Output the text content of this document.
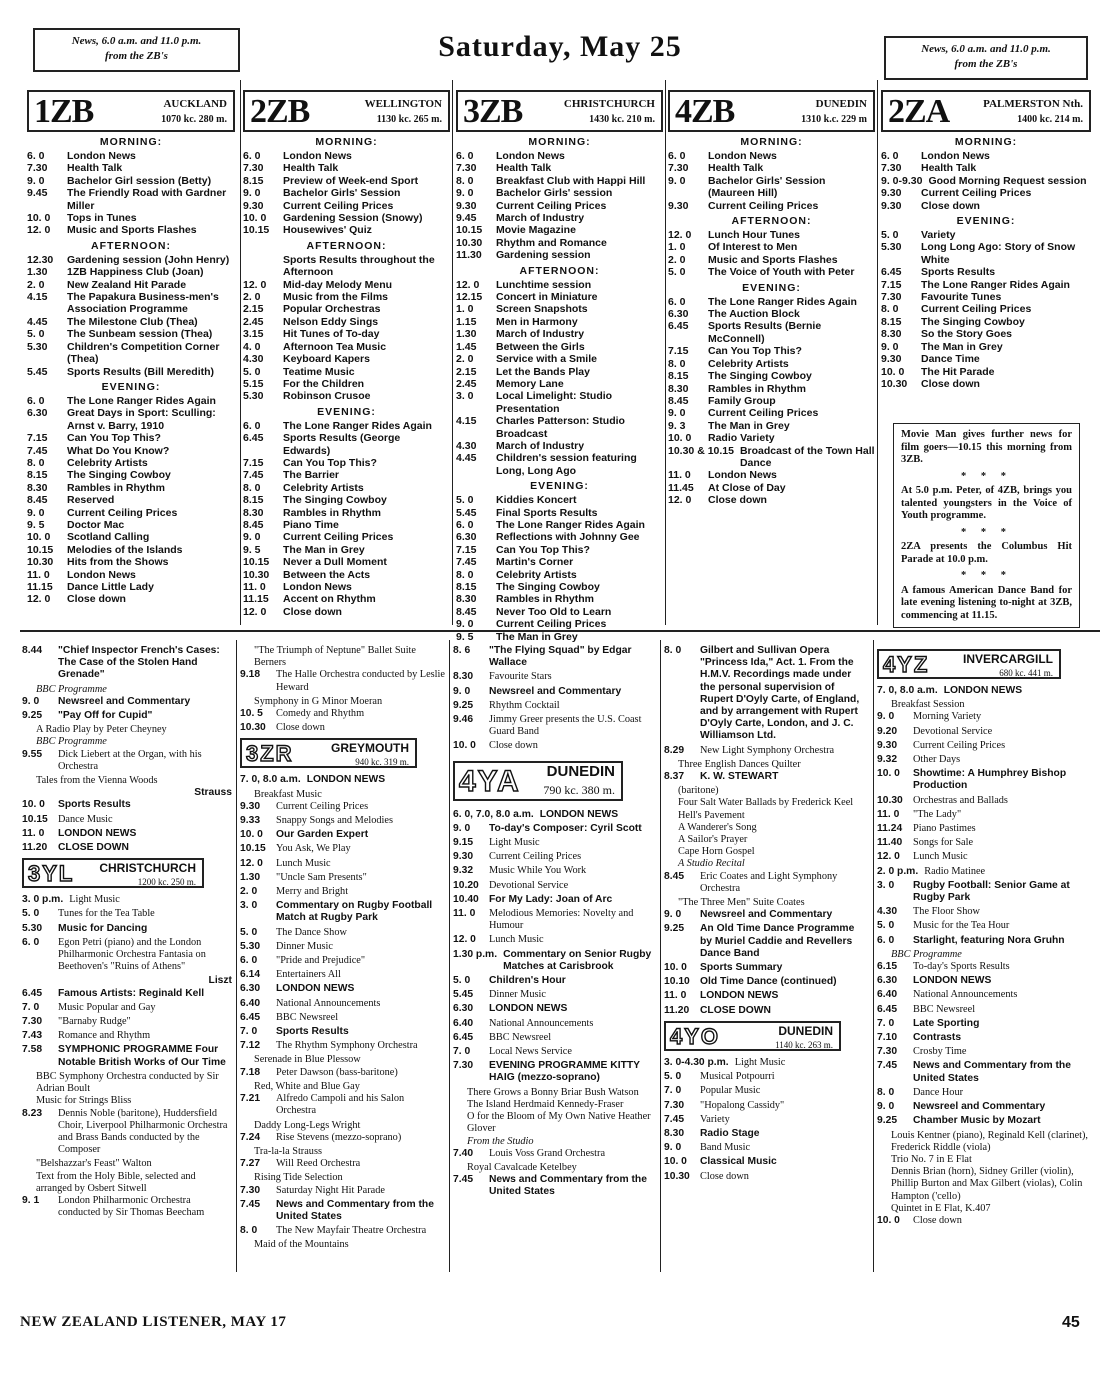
News, 6.0 a.m. and 11.0 p.m.
from the ZB's	Saturday, May 25	News, 6.0 a.m. and 11.0 p.m.
from the ZB's
1ZB	AUCKLAND
1070 kc. 280 m.
MORNING:
6. 0	London News
7.30	Health Talk
9. 0	Bachelor Girl session (Betty)
9.45	The Friendly Road with Gardner Miller
10. 0	Tops in Tunes
12. 0	Music and Sports Flashes
AFTERNOON:
12.30	Gardening session (John Henry)
1.30	1ZB Happiness Club (Joan)
2. 0	New Zealand Hit Parade
4.15	The Papakura Business-men's Association Programme
4.45	The Milestone Club (Thea)
5. 0	The Sunbeam session (Thea)
5.30	Children's Competition Corner (Thea)
5.45	Sports Results (Bill Meredith)
EVENING:
6. 0	The Lone Ranger Rides Again
6.30	Great Days in Sport: Sculling: Arnst v. Barry, 1910
7.15	Can You Top This?
7.45	What Do You Know?
8. 0	Celebrity Artists
8.15	The Singing Cowboy
8.30	Rambles in Rhythm
8.45	Reserved
9. 0	Current Ceiling Prices
9. 5	Doctor Mac
10. 0	Scotland Calling
10.15	Melodies of the Islands
10.30	Hits from the Shows
11. 0	London News
11.15	Dance Little Lady
12. 0	Close down
2ZB	WELLINGTON
1130 kc. 265 m.
MORNING:
6. 0	London News
7.30	Health Talk
8.15	Preview of Week-end Sport
9. 0	Bachelor Girls' Session
9.30	Current Ceiling Prices
10. 0	Gardening Session (Snowy)
10.15	Housewives' Quiz
AFTERNOON:
Sports Results throughout the Afternoon
12. 0	Mid-day Melody Menu
2. 0	Music from the Films
2.15	Popular Orchestras
2.45	Nelson Eddy Sings
3.15	Hit Tunes of To-day
4. 0	Afternoon Tea Music
4.30	Keyboard Kapers
5. 0	Teatime Music
5.15	For the Children
5.30	Robinson Crusoe
EVENING:
6. 0	The Lone Ranger Rides Again
6.45	Sports Results (George Edwards)
7.15	Can You Top This?
7.45	The Barrier
8. 0	Celebrity Artists
8.15	The Singing Cowboy
8.30	Rambles in Rhythm
8.45	Piano Time
9. 0	Current Ceiling Prices
9. 5	The Man in Grey
10.15	Never a Dull Moment
10.30	Between the Acts
11. 0	London News
11.15	Accent on Rhythm
12. 0	Close down
3ZB	CHRISTCHURCH
1430 kc. 210 m.
MORNING:
6. 0	London News
7.30	Health Talk
8. 0	Breakfast Club with Happi Hill
9. 0	Bachelor Girls' session
9.30	Current Ceiling Prices
9.45	March of Industry
10.15	Movie Magazine
10.30	Rhythm and Romance
11.30	Gardening session
AFTERNOON:
12. 0	Lunchtime session
12.15	Concert in Miniature
1. 0	Screen Snapshots
1.15	Men in Harmony
1.30	March of Industry
1.45	Between the Girls
2. 0	Service with a Smile
2.15	Let the Bands Play
2.45	Memory Lane
3. 0	Local Limelight: Studio Presentation
4.15	Charles Patterson: Studio Broadcast
4.30	March of Industry
4.45	Children's session featuring Long, Long Ago
EVENING:
5. 0	Kiddies Koncert
5.45	Final Sports Results
6. 0	The Lone Ranger Rides Again
6.30	Reflections with Johnny Gee
7.15	Can You Top This?
7.45	Martin's Corner
8. 0	Celebrity Artists
8.15	The Singing Cowboy
8.30	Rambles in Rhythm
8.45	Never Too Old to Learn
9. 0	Current Ceiling Prices
9. 5	The Man in Grey
4ZB	DUNEDIN
1310 k.c. 229 m
MORNING:
6. 0	London News
7.30	Health Talk
9. 0	Bachelor Girls' Session (Maureen Hill)
9.30	Current Ceiling Prices
AFTERNOON:
12. 0	Lunch Hour Tunes
1. 0	Of Interest to Men
2. 0	Music and Sports Flashes
5. 0	The Voice of Youth with Peter
EVENING:
6. 0	The Lone Ranger Rides Again
6.30	The Auction Block
6.45	Sports Results (Bernie McConnell)
7.15	Can You Top This?
8. 0	Celebrity Artists
8.15	The Singing Cowboy
8.30	Rambles in Rhythm
8.45	Family Group
9. 0	Current Ceiling Prices
9. 3	The Man in Grey
10. 0	Radio Variety
10.30 & 10.15 Broadcast of the Town Hall Dance
11. 0	London News
11.45	At Close of Day
12. 0	Close down
2ZA	PALMERSTON Nth.
1400 kc. 214 m.
MORNING:
6. 0	London News
7.30	Health Talk
9. 0-9.30 Good Morning Request session
9.30	Current Ceiling Prices
9.30	Close down
EVENING:
5. 0	Variety
5.30	Long Long Ago: Story of Snow White
6.45	Sports Results
7.15	The Lone Ranger Rides Again
7.30	Favourite Tunes
8. 0	Current Ceiling Prices
8.15	The Singing Cowboy
8.30	So the Story Goes
9. 0	The Man in Grey
9.30	Dance Time
10. 0	The Hit Parade
10.30	Close down

Movie Man gives further news for film goers—10.15 this morning from 3ZB.

* * *

At 5.0 p.m. Peter, of 4ZB, brings you talented youngsters in the Voice of Youth programme.

* * *

2ZA presents the Columbus Hit Parade at 10.0 p.m.

* * *

A famous American Dance Band for late evening listening to-night at 3ZB, commencing at 11.15.

8.44	"Chief Inspector French's Cases: The Case of the Stolen Hand Grenade"
BBC Programme
9. 0	Newsreel and Commentary
9.25	"Pay Off for Cupid"
A Radio Play by Peter Cheyney
BBC Programme
9.55	Dick Liebert at the Organ, with his Orchestra
Tales from the Vienna Woods
Strauss
10. 0	Sports Results
10.15 Dance Music
11. 0	LONDON NEWS
11.20	CLOSE DOWN
3YL CHRISTCHURCH
1200 kc. 250 m.
3. 0 p.m. Light Music
5. 0	Tunes for the Tea Table
5.30	Music for Dancing
6. 0	Egon Petri (piano) and the London Philharmonic Orchestra Fantasia on Beethoven's "Ruins of Athens"
Liszt
6.45	Famous Artists: Reginald Kell
7. 0	Music Popular and Gay
7.30	"Barnaby Rudge"
7.43	Romance and Rhythm
7.58	SYMPHONIC PROGRAMME Four Notable British Works of Our Time
BBC Symphony Orchestra conducted by Sir Adrian Boult
Music for Strings Bliss
8.23	Dennis Noble (baritone), Huddersfield Choir, Liverpool Philharmonic Orchestra and Brass Bands conducted by the Composer
"Belshazzar's Feast" Walton
Text from the Holy Bible, selected and arranged by Osbert Sitwell
9. 1	London Philharmonic Orchestra conducted by Sir Thomas Beecham
"The Triumph of Neptune" Ballet Suite Berners
9.18	The Halle Orchestra conducted by Leslie Heward
Symphony in G Minor Moeran
10. 5	Comedy and Rhythm
10.30 Close down
3ZR	GREYMOUTH
940 kc. 319 m.
7. 0, 8.0 a.m. LONDON NEWS
Breakfast Music
9.30	Current Ceiling Prices
9.33	Snappy Songs and Melodies
10. 0	Our Garden Expert
10.15 You Ask, We Play
12. 0	Lunch Music
1.30	"Uncle Sam Presents"
2. 0	Merry and Bright
3. 0	Commentary on Rugby Football Match at Rugby Park
5. 0	The Dance Show
5.30	Dinner Music
6. 0	"Pride and Prejudice"
6.14	Entertainers All
6.30	LONDON NEWS
6.40	National Announcements
6.45	BBC Newsreel
7. 0	Sports Results
7.12	The Rhythm Symphony Orchestra
Serenade in Blue Plessow
7.18	Peter Dawson (bass-baritone)
Red, White and Blue Gay
7.21	Alfredo Campoli and his Salon Orchestra
Daddy Long-Legs Wright
7.24	Rise Stevens (mezzo-soprano)
Tra-la-la Strauss
7.27	Will Reed Orchestra
Rising Tide Selection
7.30	Saturday Night Hit Parade
7.45	News and Commentary from the United States
8. 0	The New Mayfair Theatre Orchestra
Maid of the Mountains
8. 6	"The Flying Squad" by Edgar Wallace
8.30	Favourite Stars
9. 0	Newsreel and Commentary
9.25	Rhythm Cocktail
9.46	Jimmy Greer presents the U.S. Coast Guard Band
10. 0	Close down
4YA DUNEDIN
790 kc. 380 m.
6. 0, 7.0, 8.0 a.m. LONDON NEWS
9. 0	To-day's Composer: Cyril Scott
9.15	Light Music
9.30	Current Ceiling Prices
9.32	Music While You Work
10.20 Devotional Service
10.40 For My Lady: Joan of Arc
11. 0	Melodious Memories: Novelty and Humour
12. 0	Lunch Music
1.30 p.m. Commentary on Senior Rugby Matches at Carisbrook
5. 0	Children's Hour
5.45	Dinner Music
6.30	LONDON NEWS
6.40	National Announcements
6.45	BBC Newsreel
7. 0	Local News Service
7.30	EVENING PROGRAMME KITTY HAIG (mezzo-soprano)
There Grows a Bonny Briar Bush Watson
The Island Herdmaid Kennedy-Fraser
O for the Bloom of My Own Native Heather Glover
From the Studio
7.40	Louis Voss Grand Orchestra
Royal Cavalcade Ketelbey
7.45	News and Commentary from the United States
8. 0	Gilbert and Sullivan Opera "Princess Ida," Act. 1. From the H.M.V. Recordings made under the personal supervision of Rupert D'Oyly Carte, of England, and by arrangement with Rupert D'Oyly Carte, London, and J. C. Williamson Ltd.
8.29	New Light Symphony Orchestra
Three English Dances Quilter
8.37	K. W. STEWART
(baritone)
Four Salt Water Ballads by Frederick Keel
Hell's Pavement
A Wanderer's Song
A Sailor's Prayer
Cape Horn Gospel
A Studio Recital
8.45	Eric Coates and Light Symphony Orchestra
"The Three Men" Suite Coates
9. 0	Newsreel and Commentary
9.25	An Old Time Dance Programme by Muriel Caddie and Revellers Dance Band
10. 0	Sports Summary
10.10 Old Time Dance (continued)
11. 0	LONDON NEWS
11.20	CLOSE DOWN
4YO	DUNEDIN
1140 kc. 263 m.
3. 0-4.30 p.m. Light Music
5. 0	Musical Potpourri
7. 0	Popular Music
7.30	"Hopalong Cassidy"
7.45	Variety
8.30	Radio Stage
9. 0	Band Music
10. 0	Classical Music
10.30 Close down
4YZ	INVERCARGILL
680 kc. 441 m.
7. 0, 8.0 a.m. LONDON NEWS
Breakfast Session
9. 0	Morning Variety
9.20	Devotional Service
9.30	Current Ceiling Prices
9.32	Other Days
10. 0	Showtime: A Humphrey Bishop Production
10.30 Orchestras and Ballads
11. 0	"The Lady"
11.24	Piano Pastimes
11.40	Songs for Sale
12. 0	Lunch Music
2. 0 p.m. Radio Matinee
3. 0	Rugby Football: Senior Game at Rugby Park
4.30	The Floor Show
5. 0	Music for the Tea Hour
6. 0	Starlight, featuring Nora Gruhn
BBC Programme
6.15	To-day's Sports Results
6.30	LONDON NEWS
6.40	National Announcements
6.45	BBC Newsreel
7. 0	Late Sporting
7.10	Contrasts
7.30	Crosby Time
7.45	News and Commentary from the United States
8. 0	Dance Hour
9. 0	Newsreel and Commentary
9.25	Chamber Music by Mozart
Louis Kentner (piano), Reginald Kell (clarinet), Frederick Riddle (viola)
Trio No. 7 in E Flat
Dennis Brian (horn), Sidney Griller (violin), Phillip Burton and Max Gilbert (violas), Colin Hampton ('cello)
Quintet in E Flat, K.407
10. 0	Close down
NEW ZEALAND LISTENER, MAY 17	45
